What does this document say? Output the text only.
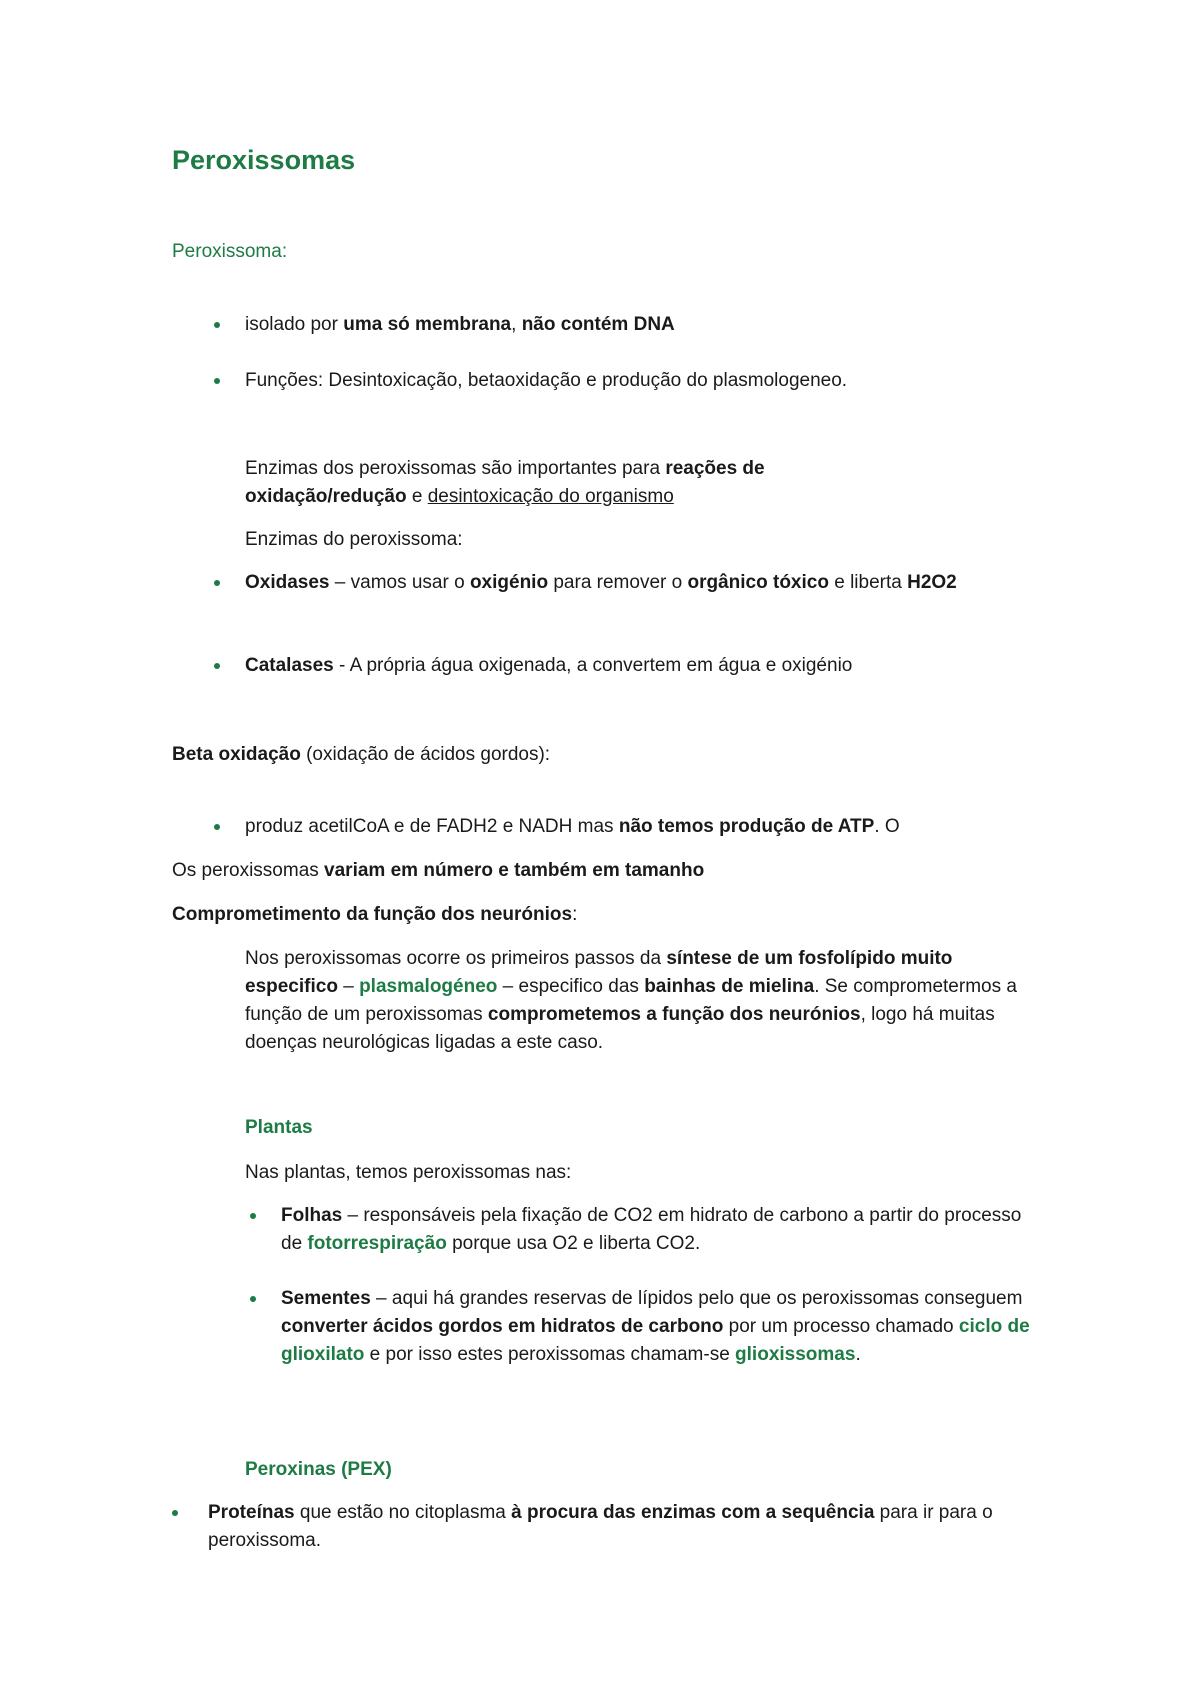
Peroxissomas

Peroxissoma:

isolado por uma só membrana, não contém DNA

Funções: Desintoxicação, betaoxidação e produção do plasmologeneo.

Enzimas dos peroxissomas são importantes para reações de oxidação/redução e desintoxicação do organismo

Enzimas do peroxissoma:

Oxidases – vamos usar o oxigénio para remover o orgânico tóxico e liberta H2O2

Catalases - A própria água oxigenada, a convertem em água e oxigénio

Beta oxidação (oxidação de ácidos gordos):

produz acetilCoA e de FADH2 e NADH mas não temos produção de ATP. O

Os peroxissomas variam em número e também em tamanho

Comprometimento da função dos neurónios:

Nos peroxissomas ocorre os primeiros passos da síntese de um fosfolípido muito especifico – plasmalogéneo – especifico das bainhas de mielina. Se comprometermos a função de um peroxissomas comprometemos a função dos neurónios, logo há muitas doenças neurológicas ligadas a este caso.

Plantas

Nas plantas, temos peroxissomas nas:

Folhas – responsáveis pela fixação de CO2 em hidrato de carbono a partir do processo de fotorrespiração porque usa O2 e liberta CO2.

Sementes – aqui há grandes reservas de lípidos pelo que os peroxissomas conseguem converter ácidos gordos em hidratos de carbono por um processo chamado ciclo de glioxilato e por isso estes peroxissomas chamam-se glioxissomas.

Peroxinas (PEX)

Proteínas que estão no citoplasma à procura das enzimas com a sequência para ir para o peroxissoma.
